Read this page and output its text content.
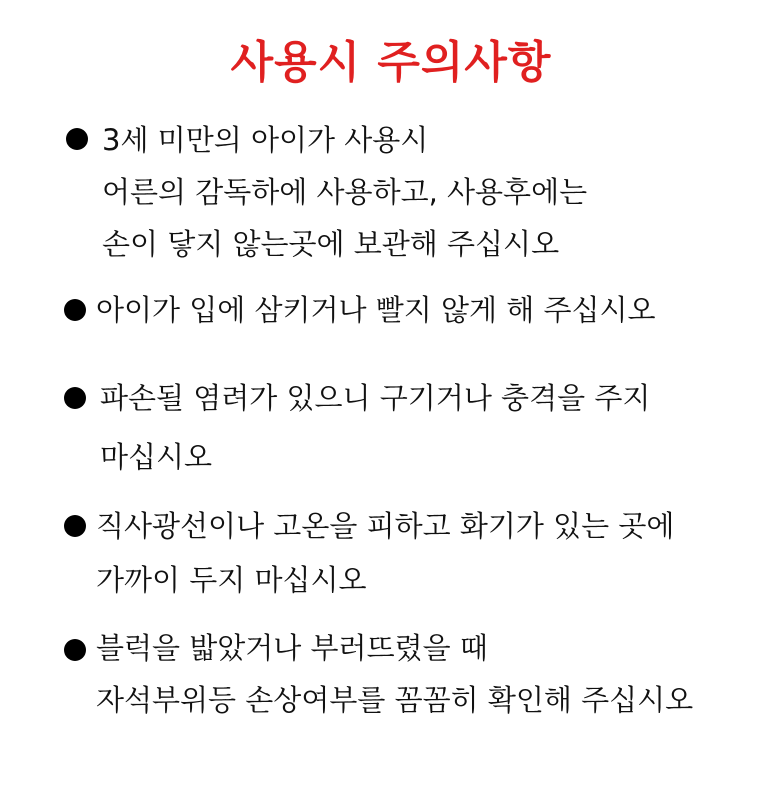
사용시 주의사항
3세 미만의 아이가 사용시
어른의 감독하에 사용하고, 사용후에는
손이 닿지 않는곳에 보관해 주십시오
아이가 입에 삼키거나 빨지 않게 해 주십시오
파손될 염려가 있으니 구기거나 충격을 주지
마십시오
직사광선이나 고온을 피하고 화기가 있는 곳에
가까이 두지 마십시오
블럭을 밟았거나 부러뜨렸을 때
자석부위등 손상여부를 꼼꼼히 확인해 주십시오
